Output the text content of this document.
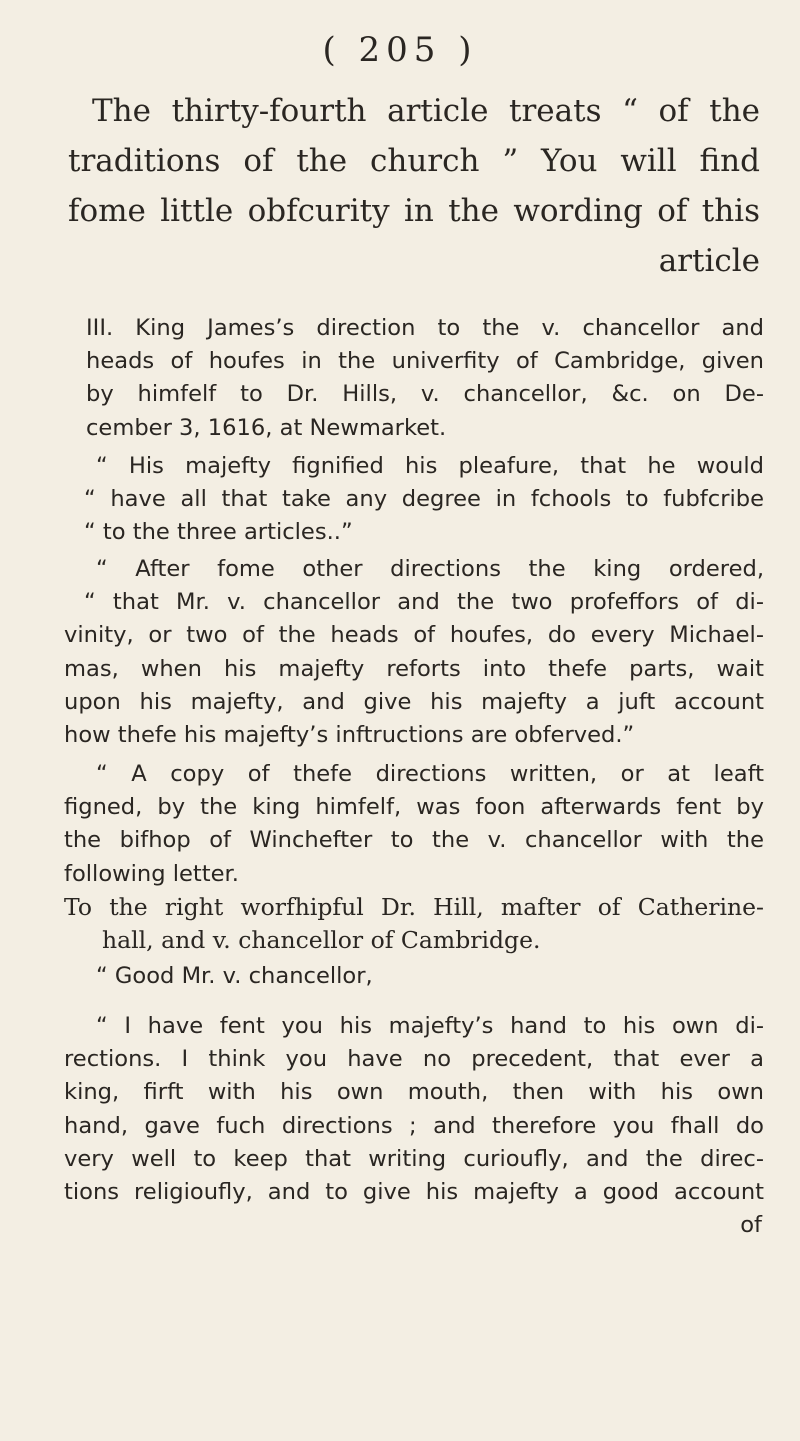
( 205 )
The thirty-fourth article treats “ of the
traditions of the church ” You will find
fome little obfcurity in the wording of this
article
III. King James’s direction to the v. chancellor and
heads of houfes in the univerfity of Cambridge, given
by himfelf to Dr. Hills, v. chancellor, &c. on De-
cember 3, 1616, at Newmarket.
“ His majefty fignified his pleafure, that he would
“ have all that take any degree in fchools to fubfcribe
“ to the three articles..”
“ After fome other directions the king ordered,
“ that Mr. v. chancellor and the two profeffors of di-
vinity, or two of the heads of houfes, do every Michael-
mas, when his majefty reforts into thefe parts, wait
upon his majefty, and give his majefty a juft account
how thefe his majefty’s inftructions are obferved.”
“ A copy of thefe directions written, or at leaft
figned, by the king himfelf, was foon afterwards fent by
the bifhop of Winchefter to the v. chancellor with the
following letter.
To the right worfhipful Dr. Hill, mafter of Catherine-
hall, and v. chancellor of Cambridge.
“ Good Mr. v. chancellor,
“ I have fent you his majefty’s hand to his own di-
rections. I think you have no precedent, that ever a
king, firft with his own mouth, then with his own
hand, gave fuch directions ; and therefore you fhall do
very well to keep that writing curioufly, and the direc-
tions religioufly, and to give his majefty a good account
of
